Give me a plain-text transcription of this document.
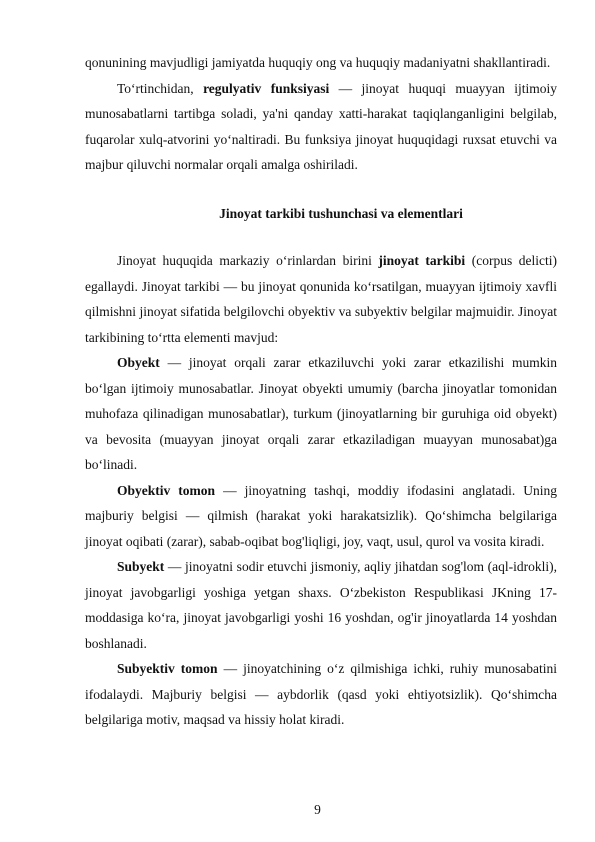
qonunining mavjudligi jamiyatda huquqiy ong va huquqiy madaniyatni shakllantiradi.

To‘rtinchidan, regulyativ funksiyasi — jinoyat huquqi muayyan ijtimoiy munosabatlarni tartibga soladi, ya'ni qanday xatti-harakat taqiqlanganligini belgilab, fuqarolar xulq-atvorini yo‘naltiradi. Bu funksiya jinoyat huquqidagi ruxsat etuvchi va majbur qiluvchi normalar orqali amalga oshiriladi.

Jinoyat tarkibi tushunchasi va elementlari

Jinoyat huquqida markaziy o‘rinlardan birini jinoyat tarkibi (corpus delicti) egallaydi. Jinoyat tarkibi — bu jinoyat qonunida ko‘rsatilgan, muayyan ijtimoiy xavfli qilmishni jinoyat sifatida belgilovchi obyektiv va subyektiv belgilar majmuidir. Jinoyat tarkibining to‘rtta elementi mavjud:

Obyekt — jinoyat orqali zarar etkaziluvchi yoki zarar etkazilishi mumkin bo‘lgan ijtimoiy munosabatlar. Jinoyat obyekti umumiy (barcha jinoyatlar tomonidan muhofaza qilinadigan munosabatlar), turkum (jinoyatlarning bir guruhiga oid obyekt) va bevosita (muayyan jinoyat orqali zarar etkaziladigan muayyan munosabat)ga bo‘linadi.

Obyektiv tomon — jinoyatning tashqi, moddiy ifodasini anglatadi. Uning majburiy belgisi — qilmish (harakat yoki harakatsizlik). Qo‘shimcha belgilariga jinoyat oqibati (zarar), sabab-oqibat bog'liqligi, joy, vaqt, usul, qurol va vosita kiradi.

Subyekt — jinoyatni sodir etuvchi jismoniy, aqliy jihatdan sog'lom (aql-idrokli), jinoyat javobgarligi yoshiga yetgan shaxs. O‘zbekiston Respublikasi JKning 17-moddasiga ko‘ra, jinoyat javobgarligi yoshi 16 yoshdan, og'ir jinoyatlarda 14 yoshdan boshlanadi.

Subyektiv tomon — jinoyatchining o‘z qilmishiga ichki, ruhiy munosabatini ifodalaydi. Majburiy belgisi — aybdorlik (qasd yoki ehtiyotsizlik). Qo‘shimcha belgilariga motiv, maqsad va hissiy holat kiradi.

9
